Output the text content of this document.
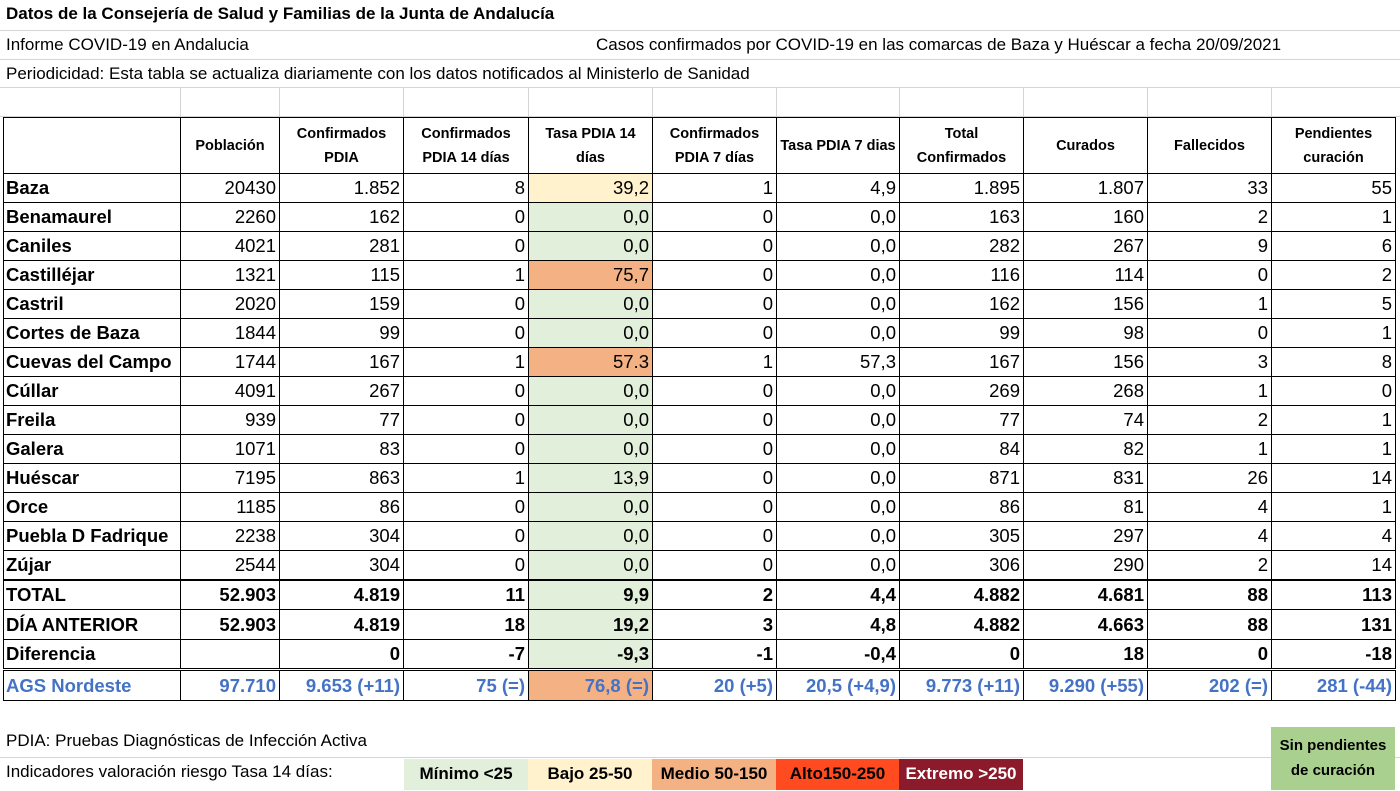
Datos de la Consejería de Salud y Familias de la Junta de Andalucía
Informe COVID-19 en Andalucia	Casos confirmados por COVID-19 en las comarcas de Baza y Huéscar a fecha 20/09/2021
Periodicidad: Esta tabla se actualiza diariamente con los datos notificados al Ministerlo de Sanidad
	Población	Confirmados PDIA	Confirmados PDIA 14 días	Tasa PDIA 14 días	Confirmados PDIA 7 días	Tasa PDIA 7 dias	Total Confirmados	Curados	Fallecidos	Pendientes curación
Baza	20430	1.852	8	39,2	1	4,9	1.895	1.807	33	55
Benamaurel	2260	162	0	0,0	0	0,0	163	160	2	1
Caniles	4021	281	0	0,0	0	0,0	282	267	9	6
Castilléjar	1321	115	1	75,7	0	0,0	116	114	0	2
Castril	2020	159	0	0,0	0	0,0	162	156	1	5
Cortes de Baza	1844	99	0	0,0	0	0,0	99	98	0	1
Cuevas del Campo	1744	167	1	57.3	1	57,3	167	156	3	8
Cúllar	4091	267	0	0,0	0	0,0	269	268	1	0
Freila	939	77	0	0,0	0	0,0	77	74	2	1
Galera	1071	83	0	0,0	0	0,0	84	82	1	1
Huéscar	7195	863	1	13,9	0	0,0	871	831	26	14
Orce	1185	86	0	0,0	0	0,0	86	81	4	1
Puebla D Fadrique	2238	304	0	0,0	0	0,0	305	297	4	4
Zújar	2544	304	0	0,0	0	0,0	306	290	2	14
TOTAL	52.903	4.819	11	9,9	2	4,4	4.882	4.681	88	113
DÍA ANTERIOR	52.903	4.819	18	19,2	3	4,8	4.882	4.663	88	131
Diferencia		0	-7	-9,3	-1	-0,4	0	18	0	-18
AGS Nordeste	97.710	9.653 (+11)	75 (=)	76,8 (=)	20 (+5)	20,5 (+4,9)	9.773 (+11)	9.290 (+55)	202 (=)	281 (-44)
PDIA: Pruebas Diagnósticas de Infección Activa
Indicadores valoración riesgo Tasa 14 días:	Mínimo <25	Bajo 25-50	Medio 50-150	Alto150-250	Extremo >250
Sin pendientes de curación
